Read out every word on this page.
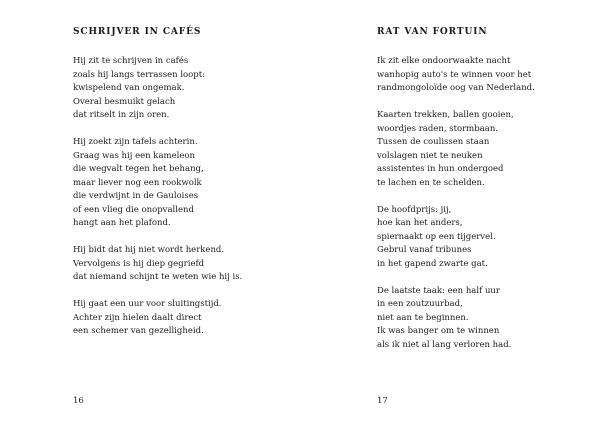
SCHRIJVER IN CAFÉS

Hij zit te schrijven in cafés
zoals hij langs terrassen loopt:
kwispelend van ongemak.
Overal besmuikt gelach
dat ritselt in zijn oren.

Hij zoekt zijn tafels achterin.
Graag was hij een kameleon
die wegvalt tegen het behang,
maar liever nog een rookwolk
die verdwijnt in de Gauloises
of een vlieg die onopvallend
hangt aan het plafond.

Hij bidt dat hij niet wordt herkend.
Vervolgens is hij diep gegriefd
dat niemand schijnt te weten wie hij is.

Hij gaat een uur voor sluitingstijd.
Achter zijn hielen daalt direct
een schemer van gezelligheid.

16

RAT VAN FORTUIN

Ik zit elke ondoorwaakte nacht
wanhopig auto's te winnen voor het
randmongoloïde oog van Nederland.

Kaarten trekken, ballen gooien,
woordjes raden, stormbaan.
Tussen de coulissen staan
volslagen niet te neuken
assistentes in hun ondergoed
te lachen en te schelden.

De hoofdprijs: jij,
hoe kan het anders,
spiernaakt op een tijgervel.
Gebrul vanaf tribunes
in het gapend zwarte gat.

De laatste taak: een half uur
in een zoutzuurbad,
niet aan te beginnen.
Ik was banger om te winnen
als ik niet al lang verloren had.

17
